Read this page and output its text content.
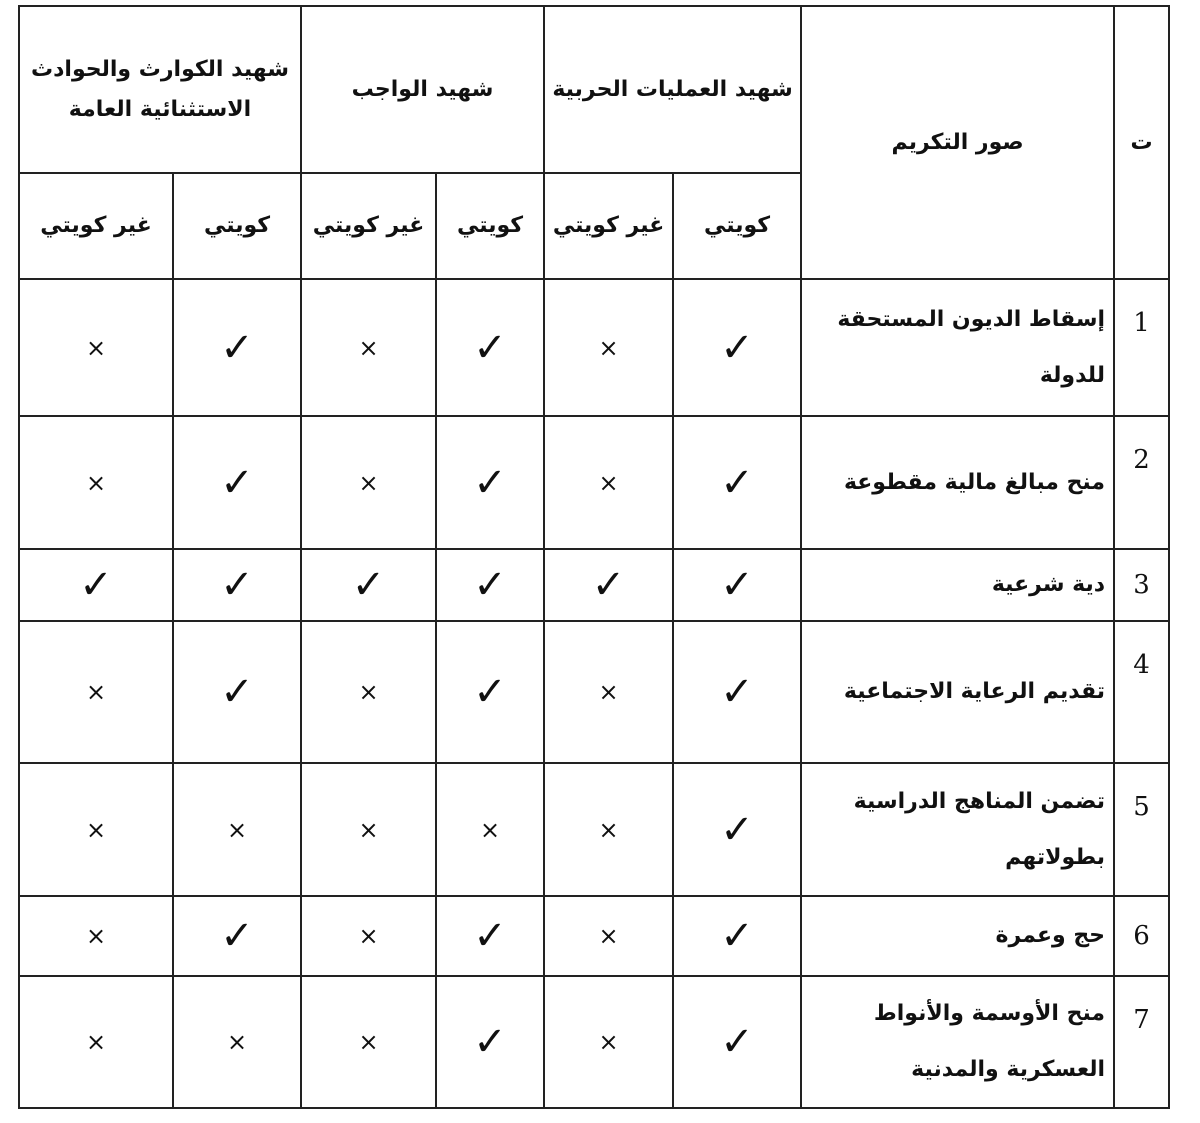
ت	صور التكريم	شهيد العمليات الحربية		شهيد الواجب		شهيد الكوارث والحوادث الاستثنائية العامة	
		كويتي	غير كويتي	كويتي	غير كويتي	كويتي	غير كويتي
1	إسقاط الديون المستحقة للدولة	✓	×	✓	×	✓	×
2	منح مبالغ مالية مقطوعة	✓	×	✓	×	✓	×
3	دية شرعية	✓	✓	✓	✓	✓	✓
4	تقديم الرعاية الاجتماعية	✓	×	✓	×	✓	×
5	تضمن المناهج الدراسية بطولاتهم	✓	×	×	×	×	×
6	حج وعمرة	✓	×	✓	×	✓	×
7	منح الأوسمة والأنواط العسكرية والمدنية	✓	×	✓	×	×	×
